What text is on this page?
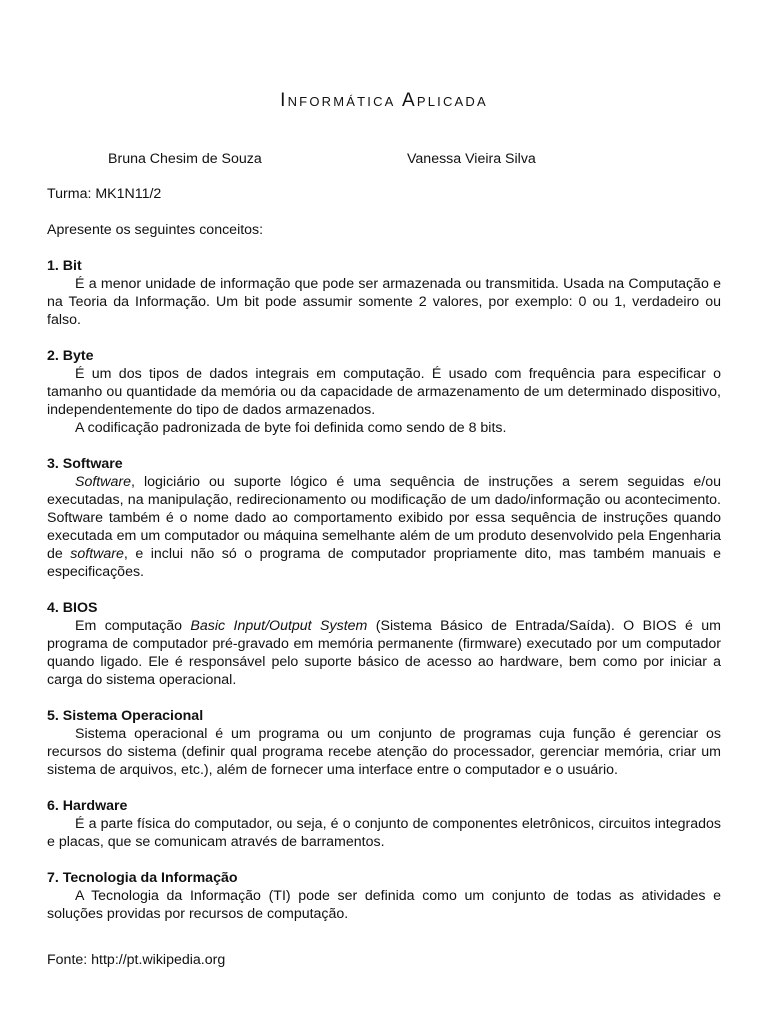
Informática Aplicada

Bruna Chesim de Souza	Vanessa Vieira Silva

Turma: MK1N11/2

Apresente os seguintes conceitos:

1. Bit

É a menor unidade de informação que pode ser armazenada ou transmitida. Usada na Computação e na Teoria da Informação. Um bit pode assumir somente 2 valores, por exemplo: 0 ou 1, verdadeiro ou falso.

2. Byte

É um dos tipos de dados integrais em computação. É usado com frequência para especificar o tamanho ou quantidade da memória ou da capacidade de armazenamento de um determinado dispositivo, independentemente do tipo de dados armazenados.

A codificação padronizada de byte foi definida como sendo de 8 bits.

3. Software

Software, logiciário ou suporte lógico é uma sequência de instruções a serem seguidas e/ou executadas, na manipulação, redirecionamento ou modificação de um dado/informação ou acontecimento. Software também é o nome dado ao comportamento exibido por essa sequência de instruções quando executada em um computador ou máquina semelhante além de um produto desenvolvido pela Engenharia de software, e inclui não só o programa de computador propriamente dito, mas também manuais e especificações.

4. BIOS

Em computação Basic Input/Output System (Sistema Básico de Entrada/Saída). O BIOS é um programa de computador pré-gravado em memória permanente (firmware) executado por um computador quando ligado. Ele é responsável pelo suporte básico de acesso ao hardware, bem como por iniciar a carga do sistema operacional.

5. Sistema Operacional

Sistema operacional é um programa ou um conjunto de programas cuja função é gerenciar os recursos do sistema (definir qual programa recebe atenção do processador, gerenciar memória, criar um sistema de arquivos, etc.), além de fornecer uma interface entre o computador e o usuário.

6. Hardware

É a parte física do computador, ou seja, é o conjunto de componentes eletrônicos, circuitos integrados e placas, que se comunicam através de barramentos.

7. Tecnologia da Informação

A Tecnologia da Informação (TI) pode ser definida como um conjunto de todas as atividades e soluções providas por recursos de computação.

Fonte: http://pt.wikipedia.org
